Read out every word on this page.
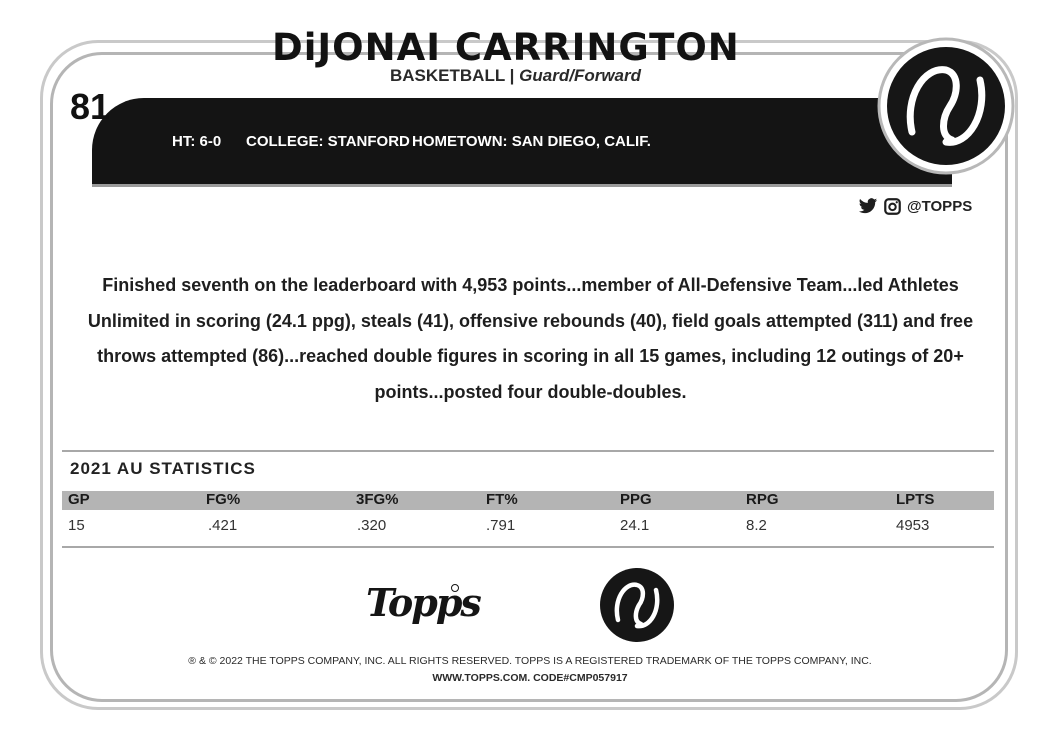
DiJONAI CARRINGTON
BASKETBALL | Guard/Forward
81
HT: 6-0 COLLEGE: STANFORD HOMETOWN: SAN DIEGO, CALIF.
@TOPPS
Finished seventh on the leaderboard with 4,953 points...member of All-Defensive Team...led Athletes Unlimited in scoring (24.1 ppg), steals (41), offensive rebounds (40), field goals attempted (311) and free throws attempted (86)...reached double figures in scoring in all 15 games, including 12 outings of 20+ points...posted four double-doubles.
2021 AU STATISTICS
GP	FG%	3FG%	FT%	PPG	RPG	LPTS
15	.421	.320	.791	24.1	8.2	4953
Topps
® & © 2022 THE TOPPS COMPANY, INC. ALL RIGHTS RESERVED. TOPPS IS A REGISTERED TRADEMARK OF THE TOPPS COMPANY, INC.
WWW.TOPPS.COM. CODE#CMP057917
